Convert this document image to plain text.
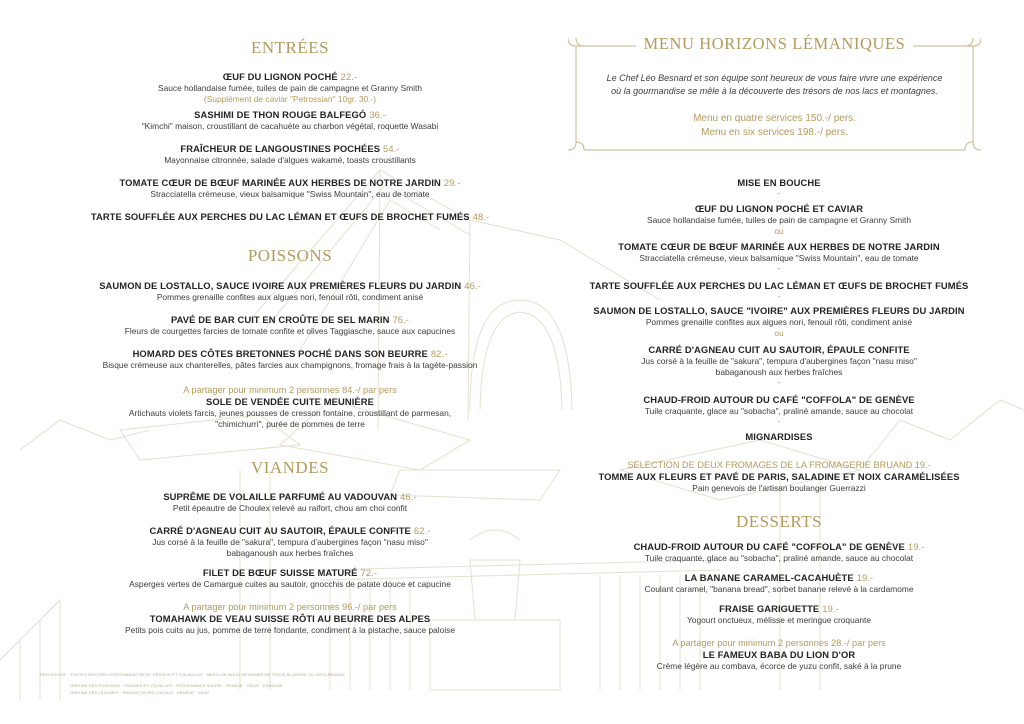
ENTRÉES
ŒUF DU LIGNON POCHÉ 22.-
Sauce hollandaise fumée, tuiles de pain de campagne et Granny Smith
(Supplément de caviar "Petrossian" 10gr. 30.-)
SASHIMI DE THON ROUGE BALFEGÓ 36.-
"Kimchi" maison, croustillant de cacahuète au charbon végétal, roquette Wasabi
FRAÎCHEUR DE LANGOUSTINES POCHÉES 54.-
Mayonnaise citronnée, salade d'algues wakamé, toasts croustillants
TOMATE CŒUR DE BŒUF MARINÉE AUX HERBES DE NOTRE JARDIN 29.-
Stracciatella crémeuse, vieux balsamique "Swiss Mountain", eau de tomate
TARTE SOUFFLÉE AUX PERCHES DU LAC LÉMAN ET ŒUFS DE BROCHET FUMÉS 48.-
POISSONS
SAUMON DE LOSTALLO, SAUCE IVOIRE AUX PREMIÈRES FLEURS DU JARDIN 46.-
Pommes grenaille confites aux algues nori, fenouil rôti, condiment anisé
PAVÉ DE BAR CUIT EN CROÛTE DE SEL MARIN 76.-
Fleurs de courgettes farcies de tomate confite et olives Taggiasche, sauce aux capucines
HOMARD DES CÔTES BRETONNES POCHÉ DANS SON BEURRE 82.-
Bisque crémeuse aux chanterelles, pâtes farcies aux champignons, fromage frais à la tagète-passion
A partager pour minimum 2 personnes 84.-/ par pers
SOLE DE VENDÉE CUITE MEUNIÈRE
Artichauts violets farcis, jeunes pousses de cresson fontaine, croustillant de parmesan,
"chimichurri", purée de pommes de terre
VIANDES
SUPRÊME DE VOLAILLE PARFUMÉ AU VADOUVAN 46.-
Petit épeautre de Choulex relevé au raifort, chou am choi confit
CARRÉ D'AGNEAU CUIT AU SAUTOIR, ÉPAULE CONFITE 62.-
Jus corsé à la feuille de "sakura", tempura d'aubergines façon "nasu miso"
babaganoush aux herbes fraîches
FILET DE BŒUF SUISSE MATURÉ 72.-
Asperges vertes de Camargue cuites au sautoir, gnocchis de patate douce et capucine
A partager pour minimum 2 personnes 96.-/ par pers
TOMAHAWK DE VEAU SUISSE RÔTI AU BEURRE DES ALPES
Petits pois cuits au jus, pomme de terre fondante, condiment à la pistache, sauce paloise
PRIX EN CHF · TOUTES NOS PRIX S'ENTENDENT NETS, SERVICE ET TVA INCLUS · MERCI DE NOUS INFORMER DE TOUTE ALLERGIE OU INTOLÉRANCE
ORIGINE DES POISSONS · VIANDES ET VOLAILLES · PROVENANCE SUISSE · FRANCE · ITALIE · ESPAGNE
ORIGINE DES LÉGUMES · PRODUCTEURS LOCAUX · GENÈVE · VAUD
MENU HORIZONS LÉMANIQUES
Le Chef Léo Besnard et son équipe sont heureux de vous faire vivre une expérience
où la gourmandise se mêle à la découverte des trésors de nos lacs et montagnes.
Menu en quatre services 150.-/ pers.
Menu en six services 198.-/ pers.
MISE EN BOUCHE
-
ŒUF DU LIGNON POCHÉ ET CAVIAR
Sauce hollandaise fumée, tuiles de pain de campagne et Granny Smith
ou
TOMATE CŒUR DE BŒUF MARINÉE AUX HERBES DE NOTRE JARDIN
Stracciatella crémeuse, vieux balsamique "Swiss Mountain", eau de tomate
-
TARTE SOUFFLÉE AUX PERCHES DU LAC LÉMAN ET ŒUFS DE BROCHET FUMÉS
-
SAUMON DE LOSTALLO, SAUCE "IVOIRE" AUX PREMIÈRES FLEURS DU JARDIN
Pommes grenaille confites aux algues nori, fenouil rôti, condiment anisé
ou
CARRÉ D'AGNEAU CUIT AU SAUTOIR, ÉPAULE CONFITE
Jus corsé à la feuille de "sakura", tempura d'aubergines façon "nasu miso"
babaganoush aux herbes fraîches
-
CHAUD-FROID AUTOUR DU CAFÉ "COFFOLA" DE GENÈVE
Tuile craquante, glace au "sobacha", praliné amande, sauce au chocolat
-
MIGNARDISES
SELECTION DE DEUX FROMAGES DE LA FROMAGERIE BRUAND 19.-
TOMME AUX FLEURS ET PAVÉ DE PARIS, SALADINE ET NOIX CARAMÉLISÉES
Pain genevois de l'artisan boulanger Guerrazzi
DESSERTS
CHAUD-FROID AUTOUR DU CAFÉ "COFFOLA" DE GENÈVE 19.-
Tuile craquante, glace au "sobacha", praliné amande, sauce au chocolat
LA BANANE CARAMEL-CACAHUÈTE 19.-
Coulant caramel, "banana bread", sorbet banane relevé à la cardamome
FRAISE GARIGUETTE 19.-
Yogourt onctueux, mélisse et meringue croquante
A partager pour minimum 2 personnes 28.-/ par pers
LE FAMEUX BABA DU LION D'OR
Crème légère au combava, écorce de yuzu confit, saké à la prune
